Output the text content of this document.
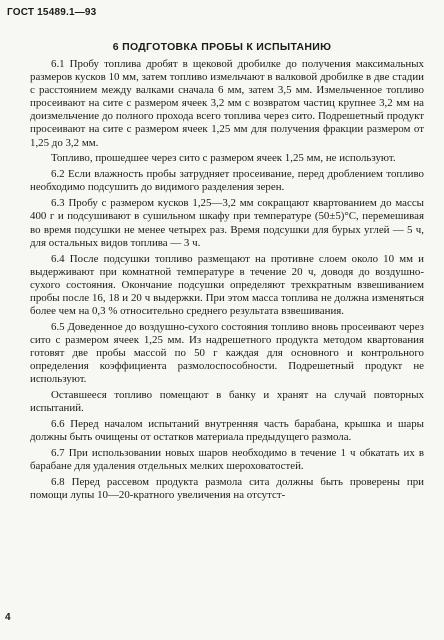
ГОСТ 15489.1—93
6 ПОДГОТОВКА ПРОБЫ К ИСПЫТАНИЮ

6.1 Пробу топлива дробят в щековой дробилке до получения максимальных размеров кусков 10 мм, затем топливо измельчают в валковой дробилке в две стадии с расстоянием между валками сначала 6 мм, затем 3,5 мм. Измельченное топливо просеивают на сите с размером ячеек 3,2 мм с возвратом частиц крупнее 3,2 мм на доизмельчение до полного прохода всего топлива через сито. Подрешетный продукт просеивают на сите с размером ячеек 1,25 мм для получения фракции размером от 1,25 до 3,2 мм.

Топливо, прошедшее через сито с размером ячеек 1,25 мм, не используют.

6.2 Если влажность пробы затрудняет просеивание, перед дроблением топливо необходимо подсушить до видимого разделения зерен.

6.3 Пробу с размером кусков 1,25—3,2 мм сокращают квартованием до массы 400 г и подсушивают в сушильном шкафу при температуре (50±5)°С, перемешивая во время подсушки не менее четырех раз. Время подсушки для бурых углей — 5 ч, для остальных видов топлива — 3 ч.

6.4 После подсушки топливо размещают на противне слоем около 10 мм и выдерживают при комнатной температуре в течение 20 ч, доводя до воздушно-сухого состояния. Окончание подсушки определяют трехкратным взвешиванием пробы после 16, 18 и 20 ч выдержки. При этом масса топлива не должна изменяться более чем на 0,3 % относительно среднего результата взвешивания.

6.5 Доведенное до воздушно-сухого состояния топливо вновь просеивают через сито с размером ячеек 1,25 мм. Из надрешетного продукта методом квартования готовят две пробы массой по 50 г каждая для основного и контрольного определения коэффициента размолоспособности. Подрешетный продукт не используют.

Оставшееся топливо помещают в банку и хранят на случай повторных испытаний.

6.6 Перед началом испытаний внутренняя часть барабана, крышка и шары должны быть очищены от остатков материала предыдущего размола.

6.7 При использовании новых шаров необходимо в течение 1 ч обкатать их в барабане для удаления отдельных мелких шероховатостей.

6.8 Перед рассевом продукта размола сита должны быть проверены при помощи лупы 10—20-кратного увеличения на отсутст-

4
